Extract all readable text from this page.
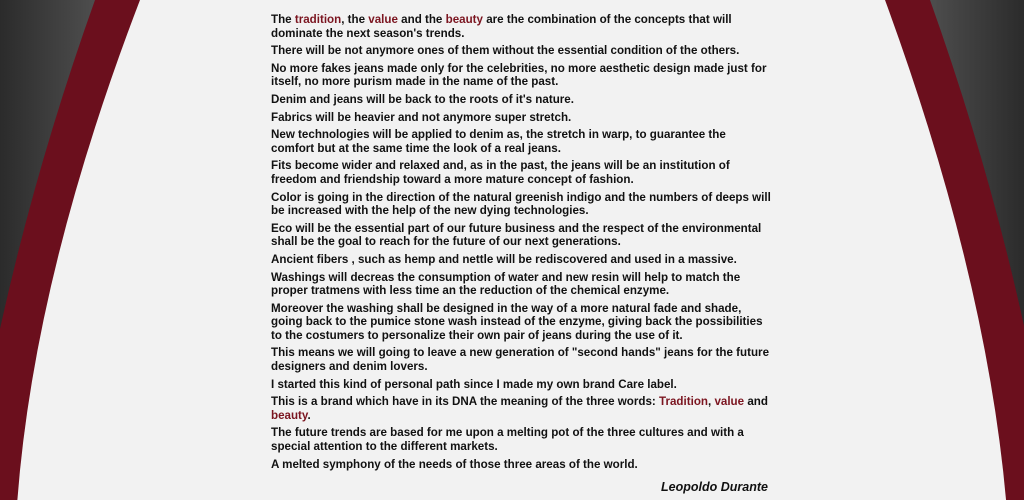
The tradition, the value and the beauty are the combination of the concepts that will dominate the next season's trends.

There will be not anymore ones of them without the essential condition of the others.

No more fakes jeans made only for the celebrities, no more aesthetic design made just for itself, no more purism made in the name of the past.

Denim and jeans will be back to the roots of it's nature.

Fabrics will be heavier and not anymore super stretch.

New technologies will be applied to denim as, the stretch in warp, to guarantee the comfort but at the same time the look of a real jeans.

Fits become wider and relaxed and, as in the past, the jeans will be an institution of freedom and friendship toward a more mature concept of fashion.

Color is going in the direction of the natural greenish indigo and the numbers of deeps will be increased with the help of the new dying technologies.

Eco will be the essential part of our future business and the respect of the environmental shall be the goal to reach for the future of our next generations.

Ancient fibers , such as hemp and nettle will be rediscovered and used in a massive.

Washings will decreas the consumption of water and new resin will help to match the proper tratmens with less time an the reduction of the chemical enzyme.

Moreover the washing shall be designed in the way of a more natural fade and shade, going back to the pumice stone wash instead of the enzyme, giving back the possibilities to the costumers to personalize their own pair of jeans during the use of it.

This means we will going to leave a new generation of "second hands" jeans for the future designers and denim lovers.

I started this kind of personal path since I made my own brand Care label.

This is a brand which have in its DNA the meaning of the three words: Tradition, value and beauty.

The future trends are based for me upon a melting pot of the three cultures and with a special attention to the different markets.

A melted symphony of the needs of those three areas of the world.

Leopoldo Durante
